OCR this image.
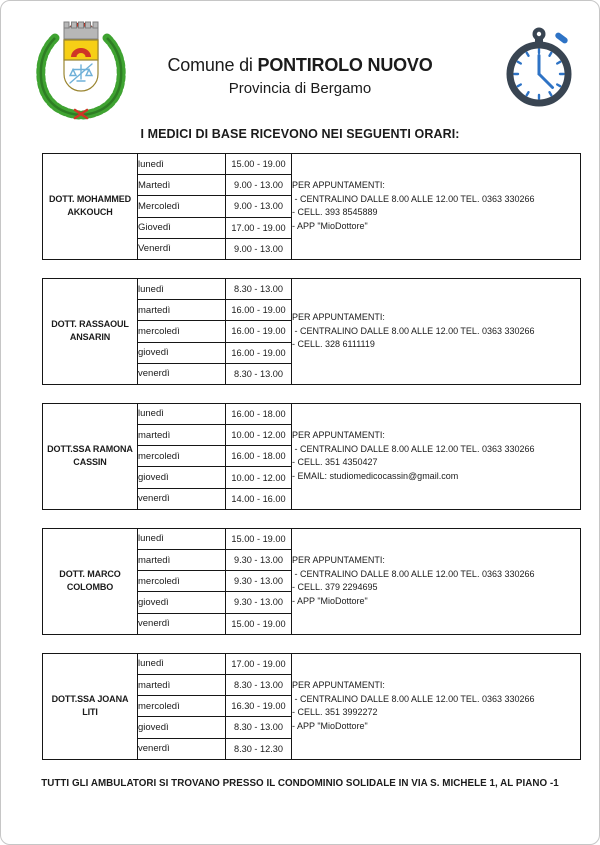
Comune di PONTIROLO NUOVO
Provincia di Bergamo
I MEDICI DI BASE RICEVONO NEI SEGUENTI ORARI:
DOTT. MOHAMMED
AKKOUCH
	lunedì	15.00 - 19.00	
PER APPUNTAMENTI:
- CENTRALINO DALLE 8.00 ALLE 12.00 TEL. 0363 330266
- CELL. 393 8545889
- APP "MioDottore"

	Martedì	9.00 - 13.00	
	Mercoledì	9.00 - 13.00	
	Giovedì	17.00 - 19.00	
	Venerdì	9.00 - 13.00	
DOTT. RASSAOUL
ANSARIN
	lunedì	8.30 - 13.00	
PER APPUNTAMENTI:
- CENTRALINO DALLE 8.00 ALLE 12.00 TEL. 0363 330266
- CELL. 328 6111119

	martedì	16.00 - 19.00	
	mercoledì	16.00 - 19.00	
	giovedì	16.00 - 19.00	
	venerdì	8.30 - 13.00	
DOTT.SSA RAMONA
CASSIN
	lunedì	16.00 - 18.00	
PER APPUNTAMENTI:
- CENTRALINO DALLE 8.00 ALLE 12.00 TEL. 0363 330266
- CELL. 351 4350427
- EMAIL: studiomedicocassin@gmail.com

	martedì	10.00 - 12.00	
	mercoledì	16.00 - 18.00	
	giovedì	10.00 - 12.00	
	venerdì	14.00 - 16.00	
DOTT. MARCO
COLOMBO
	lunedì	15.00 - 19.00	
PER APPUNTAMENTI:
- CENTRALINO DALLE 8.00 ALLE 12.00 TEL. 0363 330266
- CELL. 379 2294695
- APP "MioDottore"

	martedì	9.30 - 13.00	
	mercoledì	9.30 - 13.00	
	giovedì	9.30 - 13.00	
	venerdì	15.00 - 19.00	
DOTT.SSA JOANA LITI	lunedì	17.00 - 19.00	PER APPUNTAMENTI:
- CENTRALINO DALLE 8.00 ALLE 12.00 TEL. 0363 330266
- CELL. 351 3992272
- APP "MioDottore"

	martedì	8.30 - 13.00	
	mercoledì	16.30 - 19.00	
	giovedì	8.30 - 13.00	
	venerdì	8.30 - 12.30	
TUTTI GLI AMBULATORI SI TROVANO PRESSO IL CONDOMINIO SOLIDALE IN VIA S. MICHELE 1, AL PIANO -1
